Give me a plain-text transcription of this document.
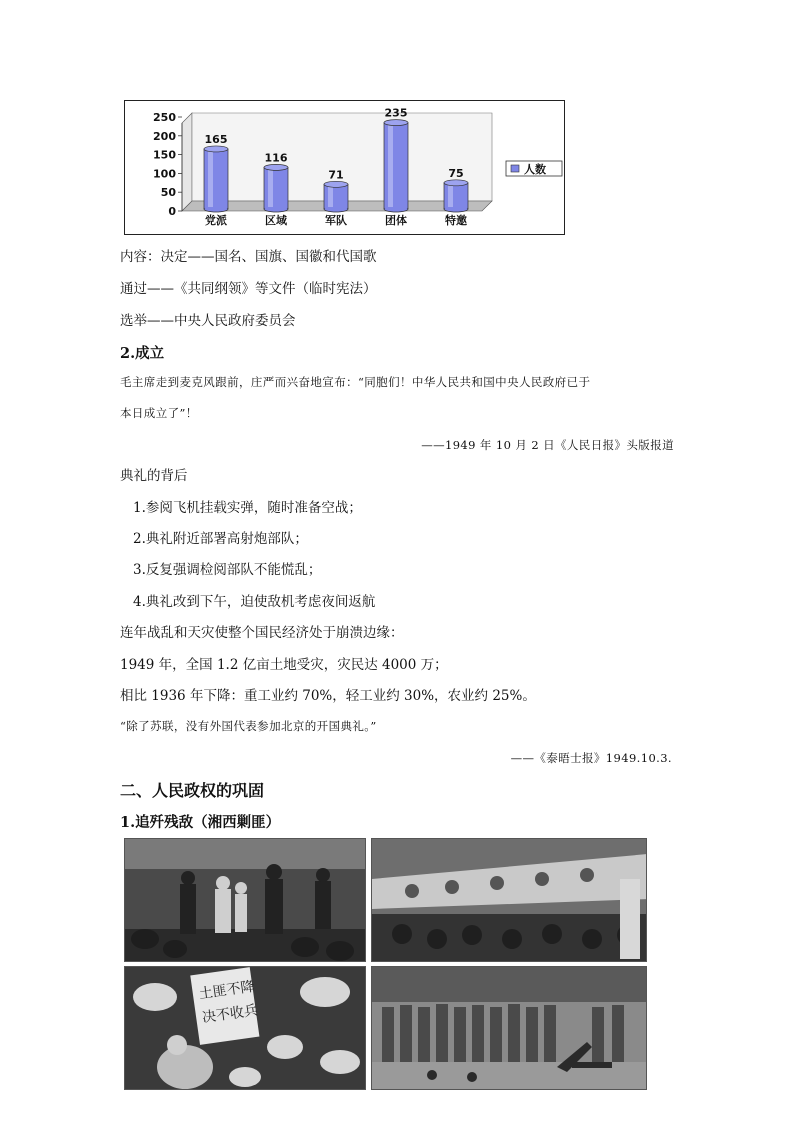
250
200
150
100
50
0
165
党派
116
区域
71
军队
235
团体
75
特邀
人数
内容：决定——国名、国旗、国徽和代国歌
通过——《共同纲领》等文件（临时宪法）
选举——中央人民政府委员会
2.成立
毛主席走到麦克风跟前，庄严而兴奋地宣布：“同胞们！中华人民共和国中央人民政府已于
本日成立了”！
——1949 年 10 月 2 日《人民日报》头版报道
典礼的背后
1.参阅飞机挂载实弹，随时准备空战；
2.典礼附近部署高射炮部队；
3.反复强调检阅部队不能慌乱；
4.典礼改到下午，迫使敌机考虑夜间返航
连年战乱和天灾使整个国民经济处于崩溃边缘：
1949 年，全国 1.2 亿亩土地受灾，灾民达 4000 万；
相比 1936 年下降：重工业约 70%，轻工业约 30%，农业约 25%。
“除了苏联，没有外国代表参加北京的开国典礼。”
——《泰晤士报》1949.10.3.
二、人民政权的巩固
1.追歼残敌（湘西剿匪）
土匪不降
决不收兵
